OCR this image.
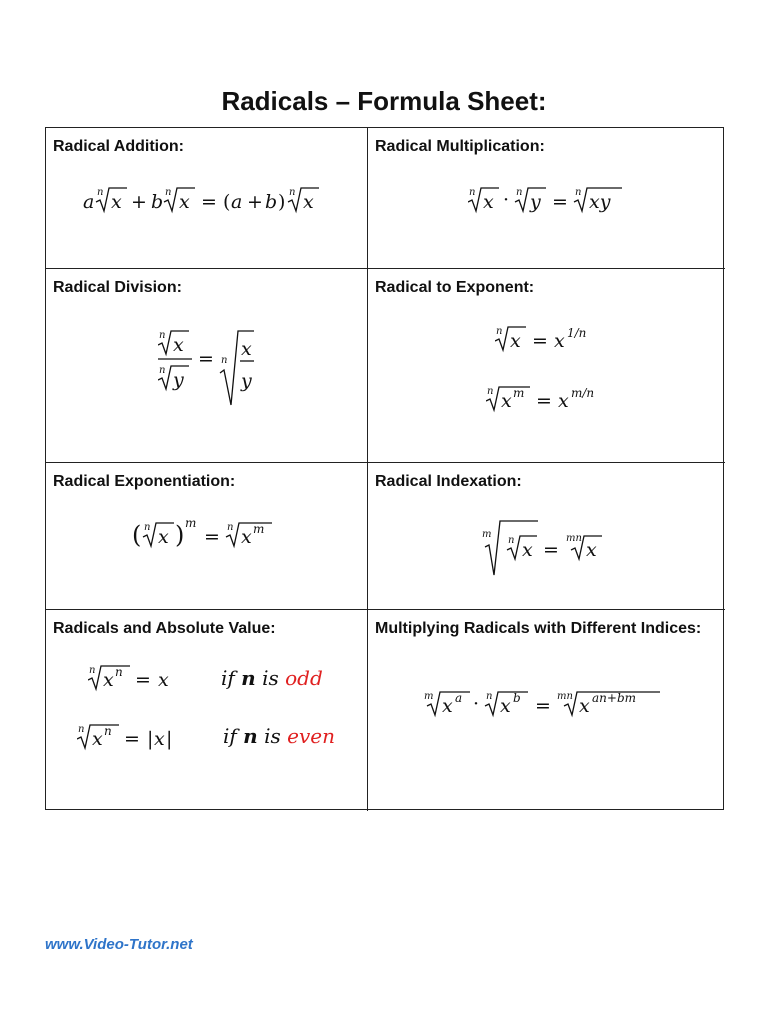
Radicals – Formula Sheet:
Radical Addition:
a n x + b n x = ( a + b ) n x
Radical Multiplication:
n x · n y = n xy
Radical Division:
n x
n y
= n
x
y
Radical to Exponent:
n x = x 1/n
n x m = x m/n
Radical Exponentiation:
( n x ) m
= n x m
Radical Indexation:
m
n x =
mn
x
Radicals and Absolute Value:
n x n = x	if
n
is
odd
n x n = | x |	if
n
is
even
Multiplying Radicals with Different Indices:
m x a · n x b = mn x an+bm
www.Video-Tutor.net
